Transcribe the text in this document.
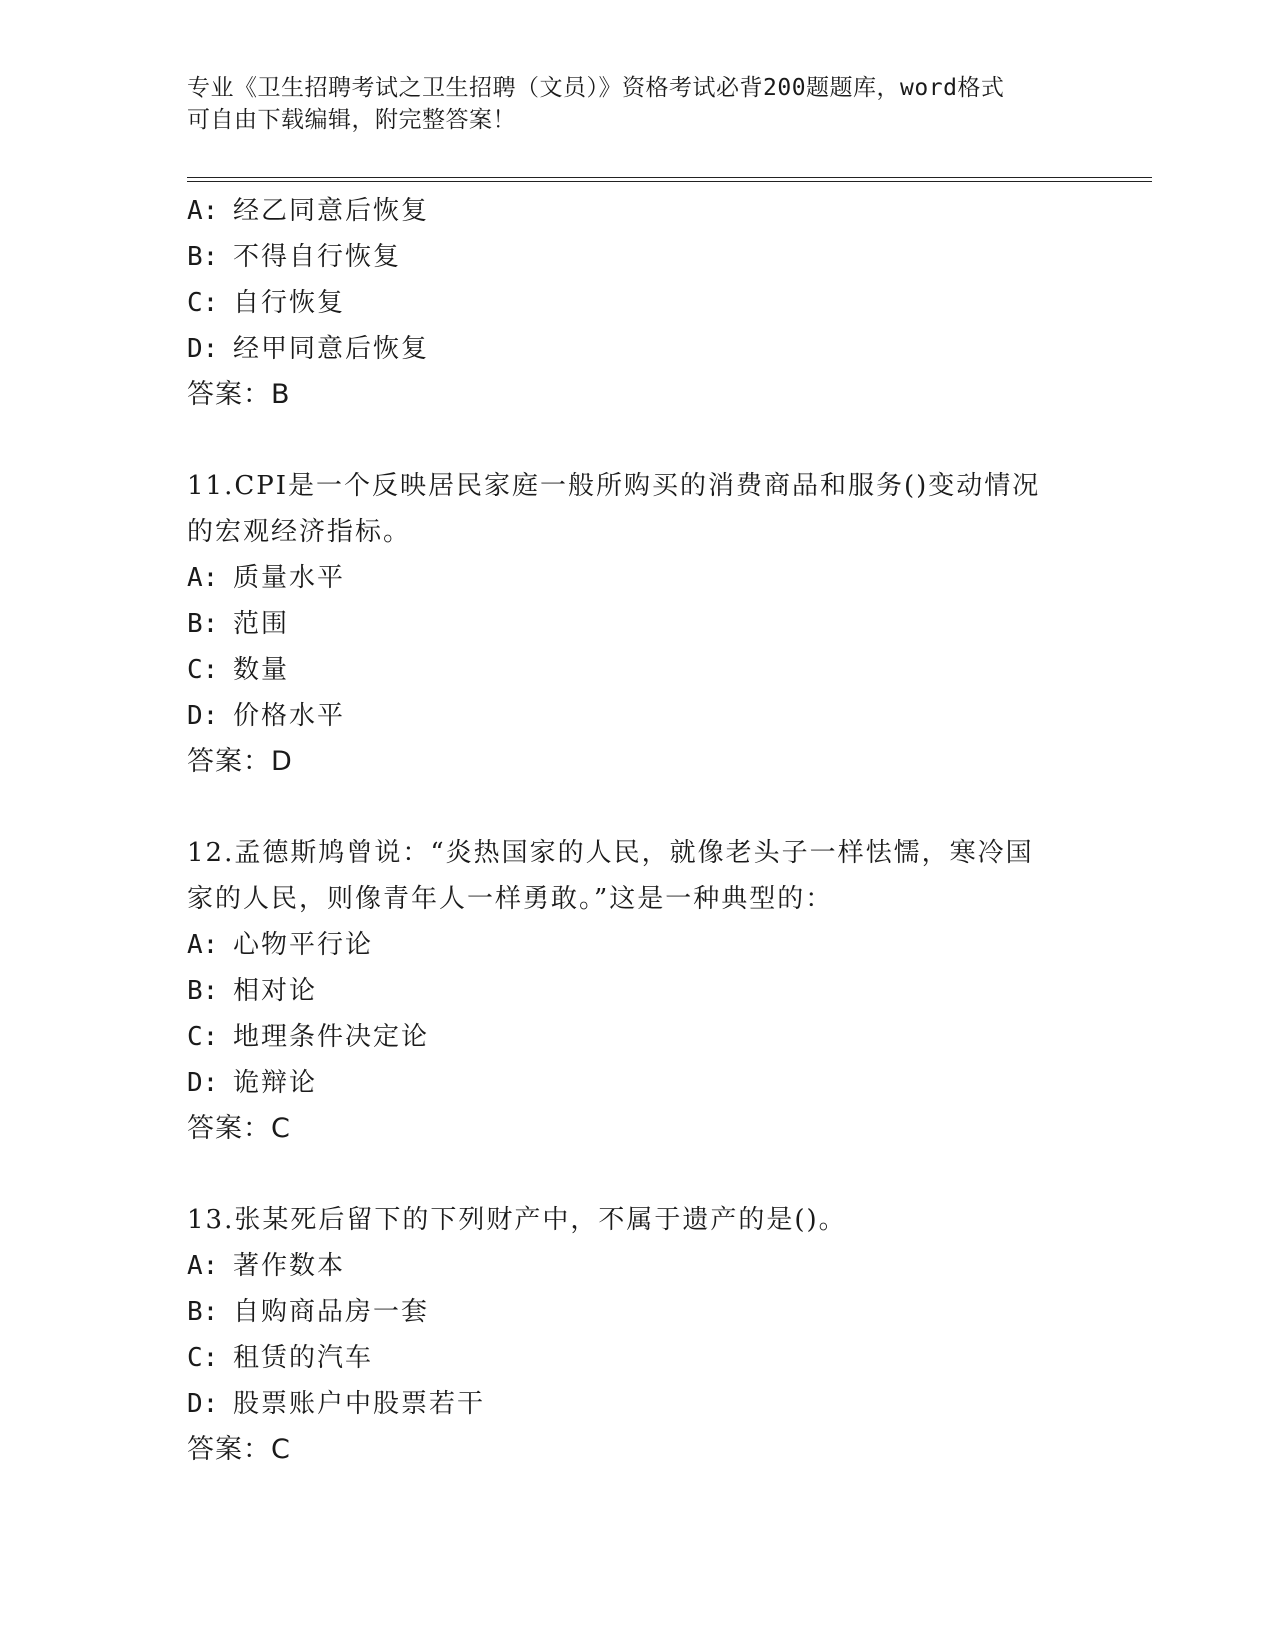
专业《卫生招聘考试之卫生招聘（文员）》资格考试必背200题题库，word格式
可自由下载编辑，附完整答案！
A: 经乙同意后恢复
B: 不得自行恢复
C: 自行恢复
D: 经甲同意后恢复
答案：B
11.CPI是一个反映居民家庭一般所购买的消费商品和服务()变动情况
的宏观经济指标。
A: 质量水平
B: 范围
C: 数量
D: 价格水平
答案：D
12.孟德斯鸠曾说：“炎热国家的人民，就像老头子一样怯懦，寒冷国
家的人民，则像青年人一样勇敢。”这是一种典型的：
A: 心物平行论
B: 相对论
C: 地理条件决定论
D: 诡辩论
答案：C
13.张某死后留下的下列财产中，不属于遗产的是()。
A: 著作数本
B: 自购商品房一套
C: 租赁的汽车
D: 股票账户中股票若干
答案：C
